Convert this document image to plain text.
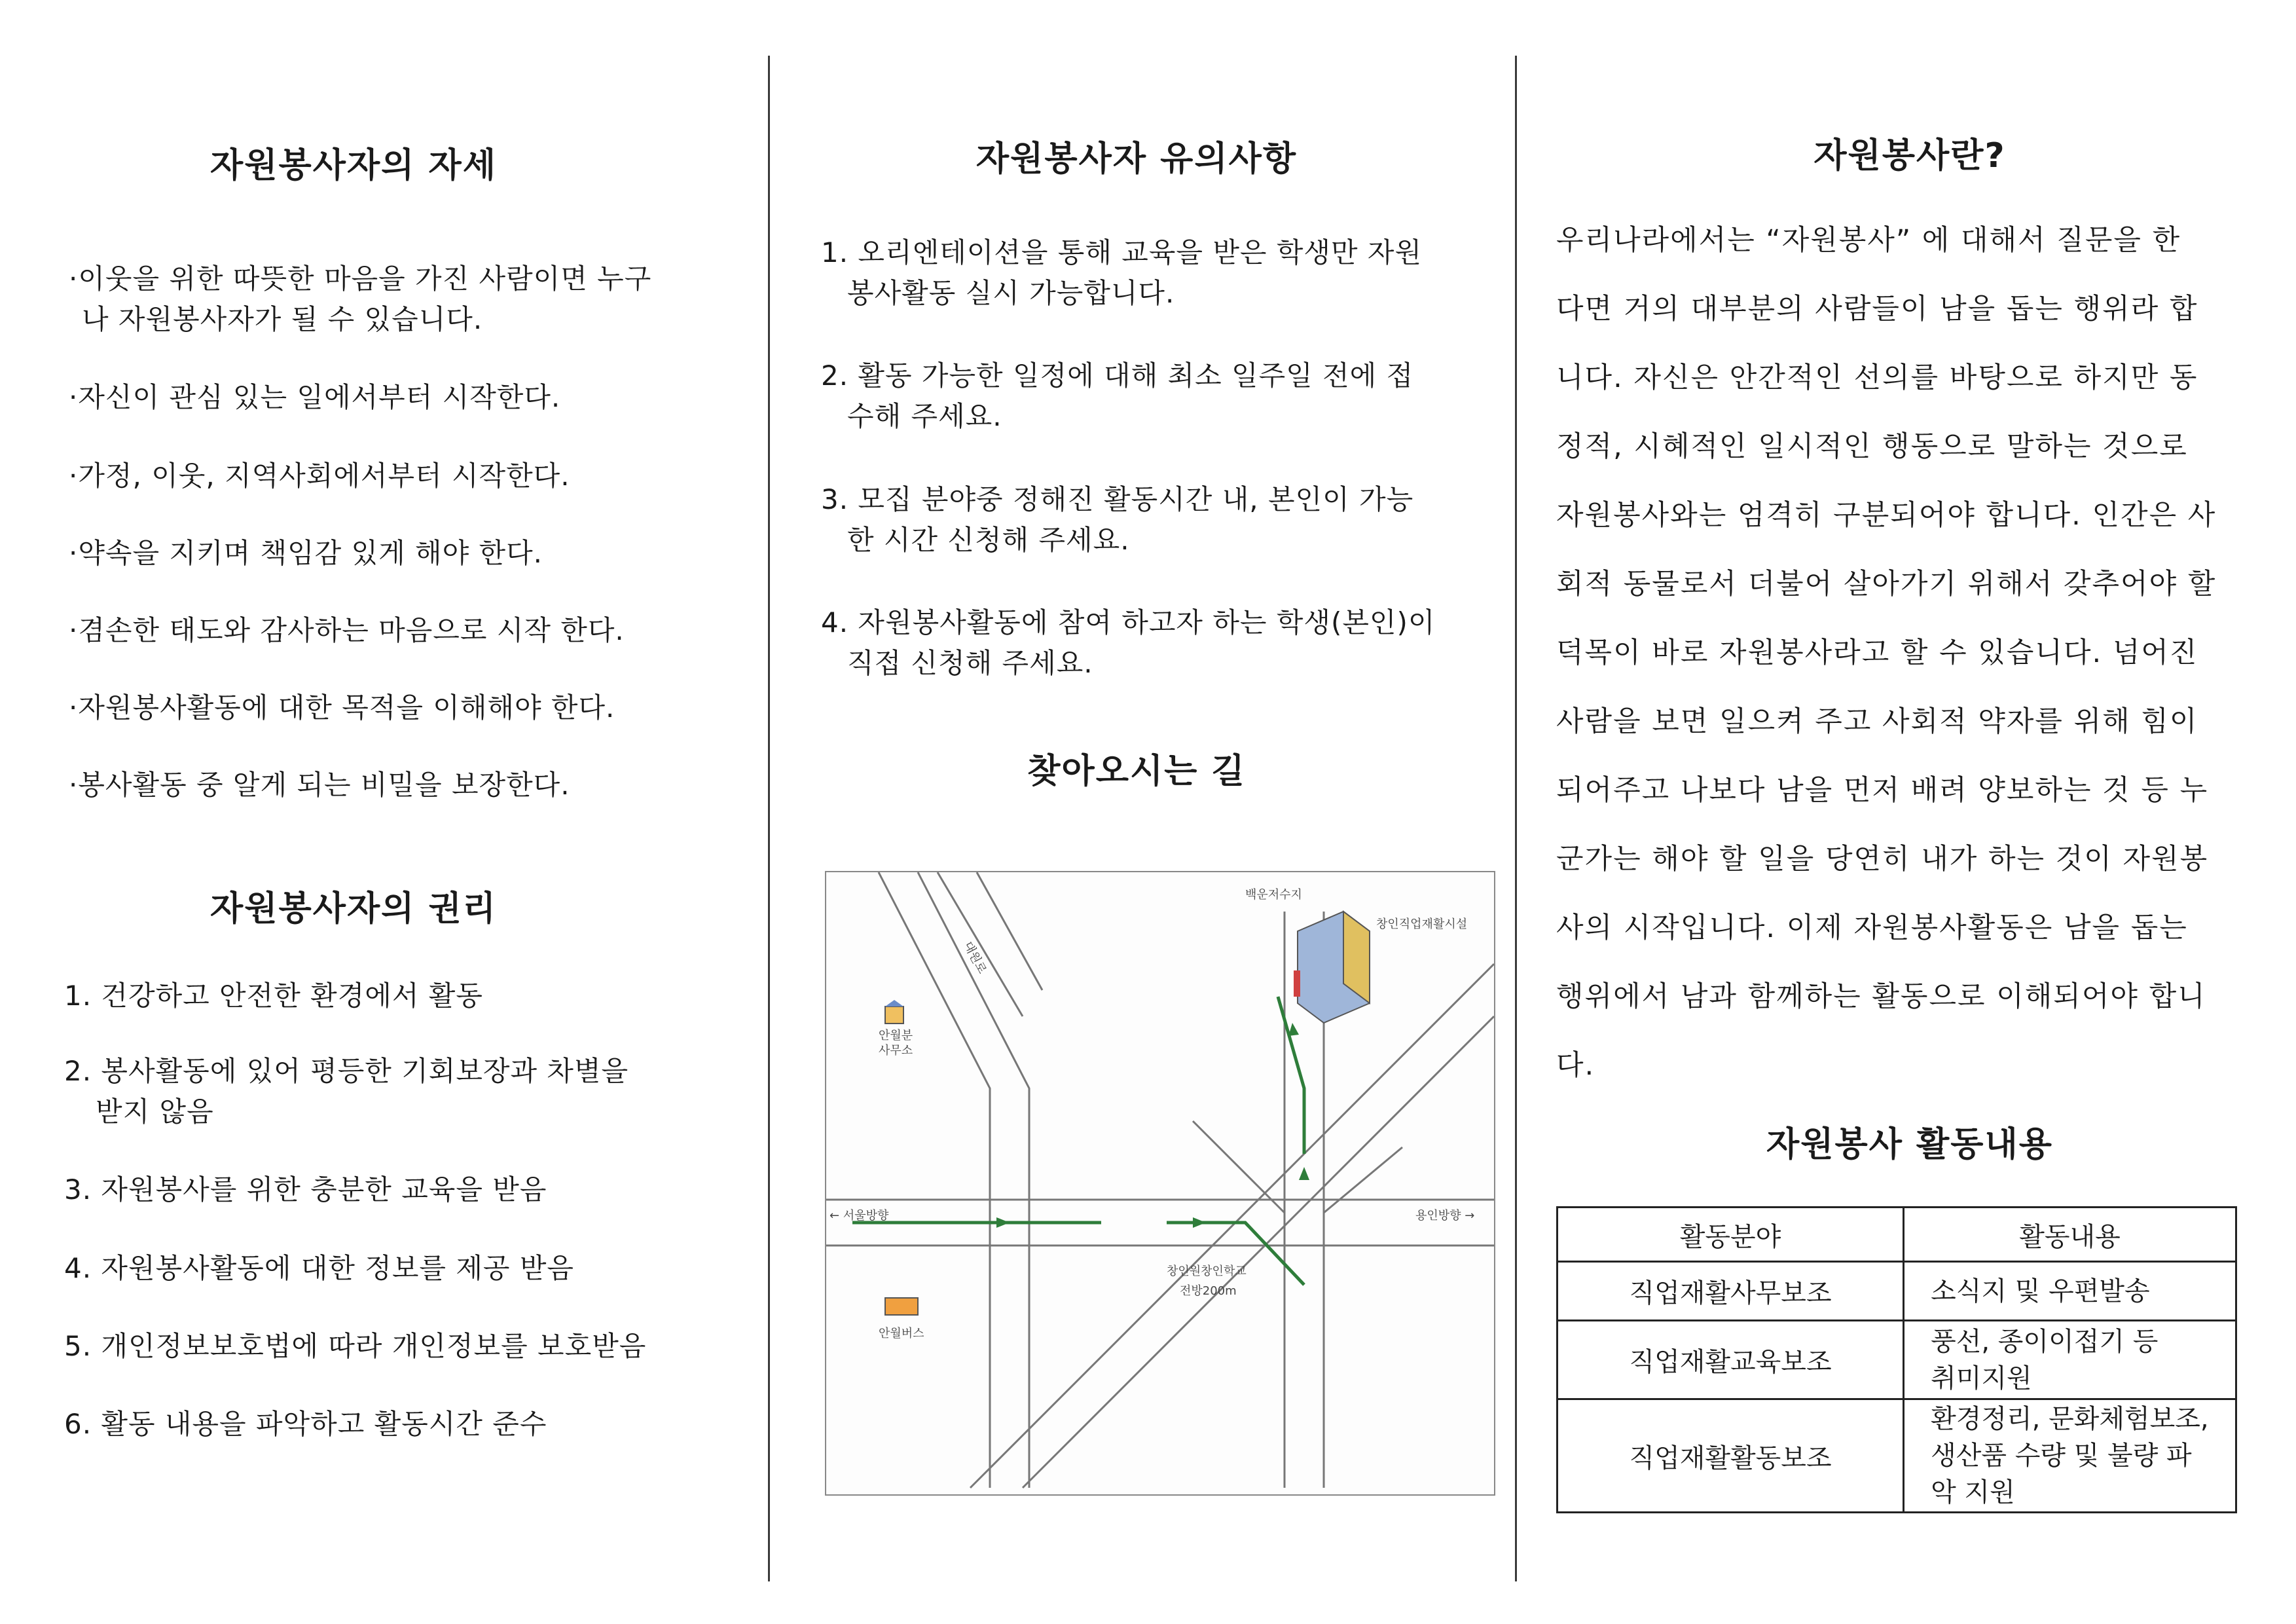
자원봉사자의 자세
·이웃을 위한 따뜻한 마음을 가진 사람이면 누구
나 자원봉사자가 될 수 있습니다.
·자신이 관심 있는 일에서부터 시작한다.
·가정, 이웃, 지역사회에서부터 시작한다.
·약속을 지키며 책임감 있게 해야 한다.
·겸손한 태도와 감사하는 마음으로 시작 한다.
·자원봉사활동에 대한 목적을 이해해야 한다.
·봉사활동 중 알게 되는 비밀을 보장한다.
자원봉사자의 권리
1. 건강하고 안전한 환경에서 활동
2. 봉사활동에 있어 평등한 기회보장과 차별을
받지 않음
3. 자원봉사를 위한 충분한 교육을 받음
4. 자원봉사활동에 대한 정보를 제공 받음
5. 개인정보보호법에 따라 개인정보를 보호받음
6. 활동 내용을 파악하고 활동시간 준수
자원봉사자 유의사항
1. 오리엔테이션을 통해 교육을 받은 학생만 자원
봉사활동 실시 가능합니다.
2. 활동 가능한 일정에 대해 최소 일주일 전에 접
수해 주세요.
3. 모집 분야중 정해진 활동시간 내, 본인이 가능
한 시간 신청해 주세요.
4. 자원봉사활동에 참여 하고자 하는 학생(본인)이
직접 신청해 주세요.
찾아오시는 길
백운저수지
창인직업재활시설
대원로
안월분
사무소
← 서울방향	용인방향 →
창인원창인학교
전방200m
안월버스
자원봉사란?
우리나라에서는 “자원봉사” 에 대해서 질문을 한
다면 거의 대부분의 사람들이 남을 돕는 행위라 합
니다. 자신은 안간적인 선의를 바탕으로 하지만 동
정적, 시혜적인 일시적인 행동으로 말하는 것으로
자원봉사와는 엄격히 구분되어야 합니다. 인간은 사
회적 동물로서 더불어 살아가기 위해서 갖추어야 할
덕목이 바로 자원봉사라고 할 수 있습니다. 넘어진
사람을 보면 일으켜 주고 사회적 약자를 위해 힘이
되어주고 나보다 남을 먼저 배려 양보하는 것 등 누
군가는 해야 할 일을 당연히 내가 하는 것이 자원봉
사의 시작입니다. 이제 자원봉사활동은 남을 돕는
행위에서 남과 함께하는 활동으로 이해되어야 합니
다.
자원봉사 활동내용
활동분야	활동내용
직업재활사무보조	소식지 및 우편발송

직업재활교육보조	풍선, 종이이접기 등
취미지원

직업재활활동보조	환경정리, 문화체험보조,
생산품 수량 및 불량 파
악 지원
